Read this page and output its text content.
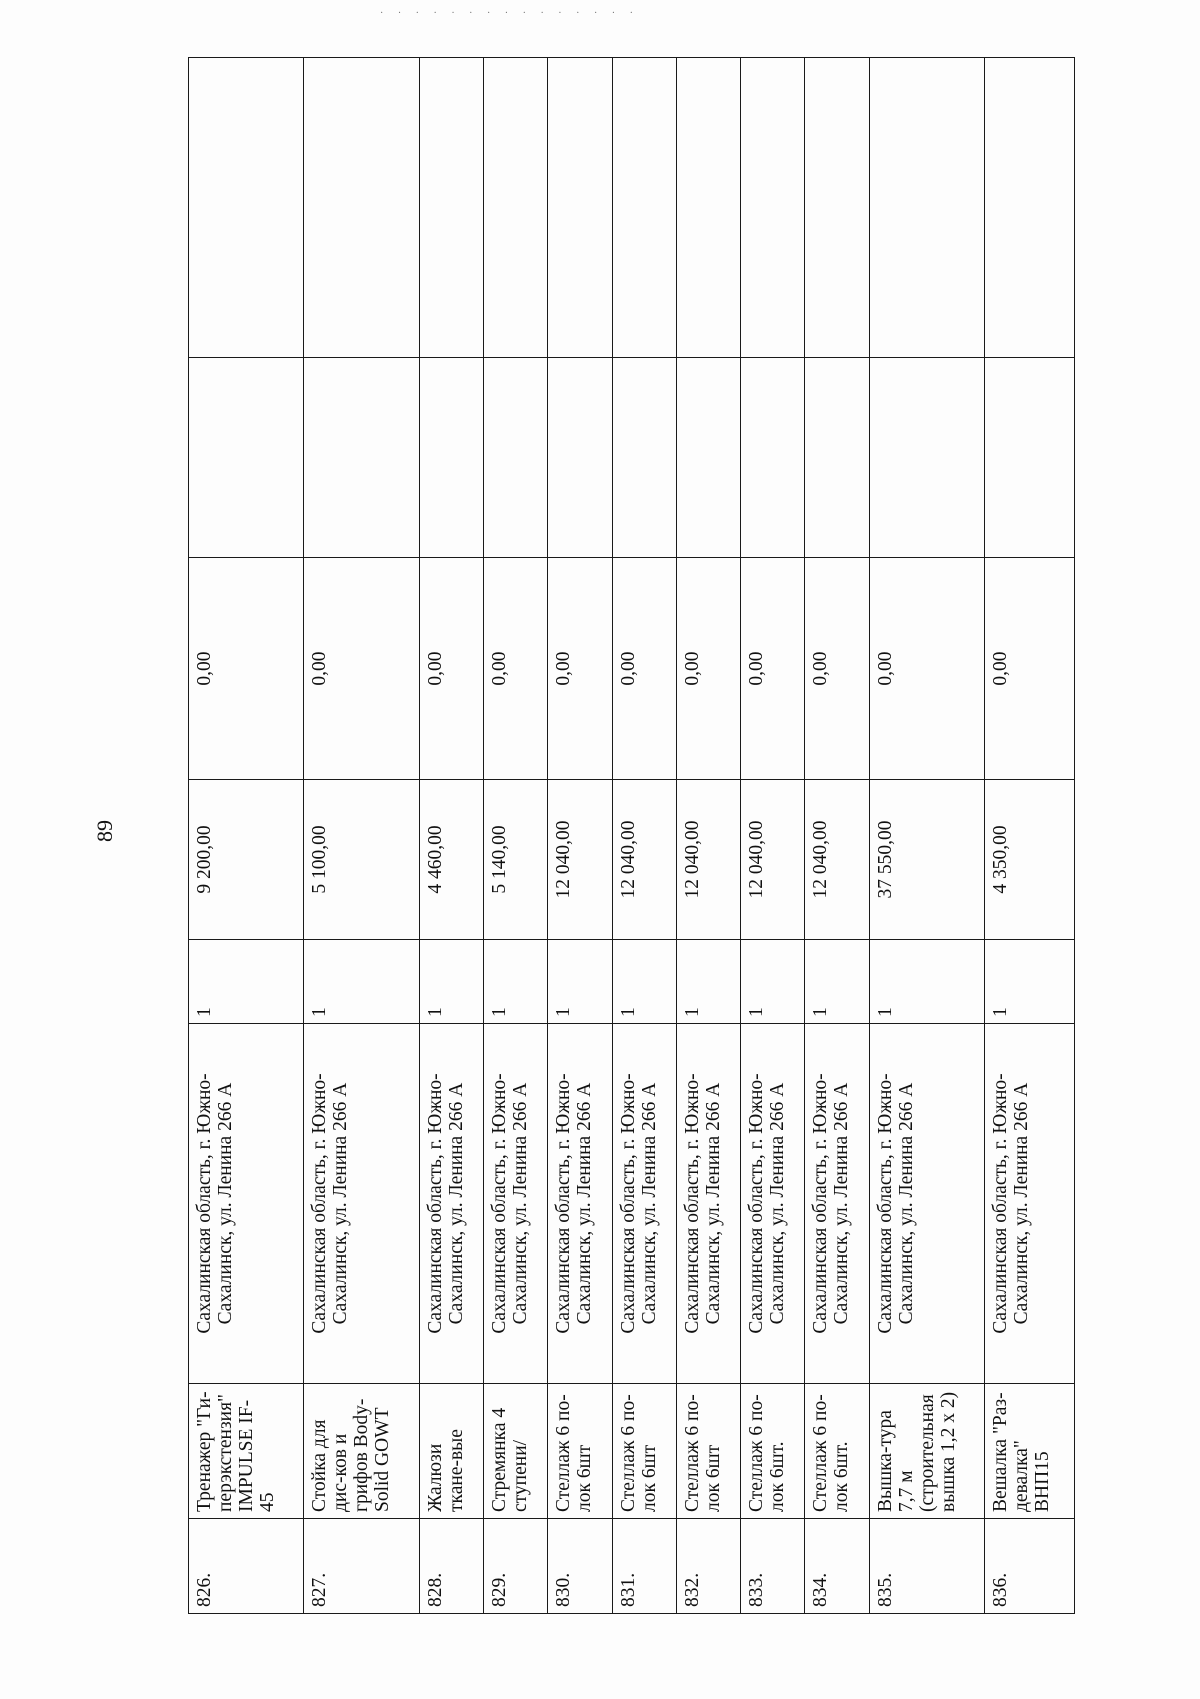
· · · · · · · · · · · · · · ·
89
826.	Тренажер "Ги-перэкстензия" IMPULSE IF-45	Сахалинская область, г. Южно-Сахалинск, ул. Ленина 266 А	1	9 200,00	0,00		
827.	Стойка для дис-ков и грифов Body-Solid GOWT	Сахалинская область, г. Южно-Сахалинск, ул. Ленина 266 А	1	5 100,00	0,00		
828.	Жалюзи ткане-вые	Сахалинская область, г. Южно-Сахалинск, ул. Ленина 266 А	1	4 460,00	0,00		
829.	Стремянка 4 ступени/	Сахалинская область, г. Южно-Сахалинск, ул. Ленина 266 А	1	5 140,00	0,00		
830.	Стеллаж 6 по-лок 6шт	Сахалинская область, г. Южно-Сахалинск, ул. Ленина 266 А	1	12 040,00	0,00		
831.	Стеллаж 6 по-лок 6шт	Сахалинская область, г. Южно-Сахалинск, ул. Ленина 266 А	1	12 040,00	0,00		
832.	Стеллаж 6 по-лок 6шт	Сахалинская область, г. Южно-Сахалинск, ул. Ленина 266 А	1	12 040,00	0,00		
833.	Стеллаж 6 по-лок 6шт.	Сахалинская область, г. Южно-Сахалинск, ул. Ленина 266 А	1	12 040,00	0,00		
834.	Стеллаж 6 по-лок 6шт.	Сахалинская область, г. Южно-Сахалинск, ул. Ленина 266 А	1	12 040,00	0,00		
835.	Вышка-тура 7,7 м (строительная вышка 1,2 х 2)	Сахалинская область, г. Южно-Сахалинск, ул. Ленина 266 А	1	37 550,00	0,00		
836.	Вешалка "Раз-девалка" ВНП15	Сахалинская область, г. Южно-Сахалинск, ул. Ленина 266 А	1	4 350,00	0,00		
